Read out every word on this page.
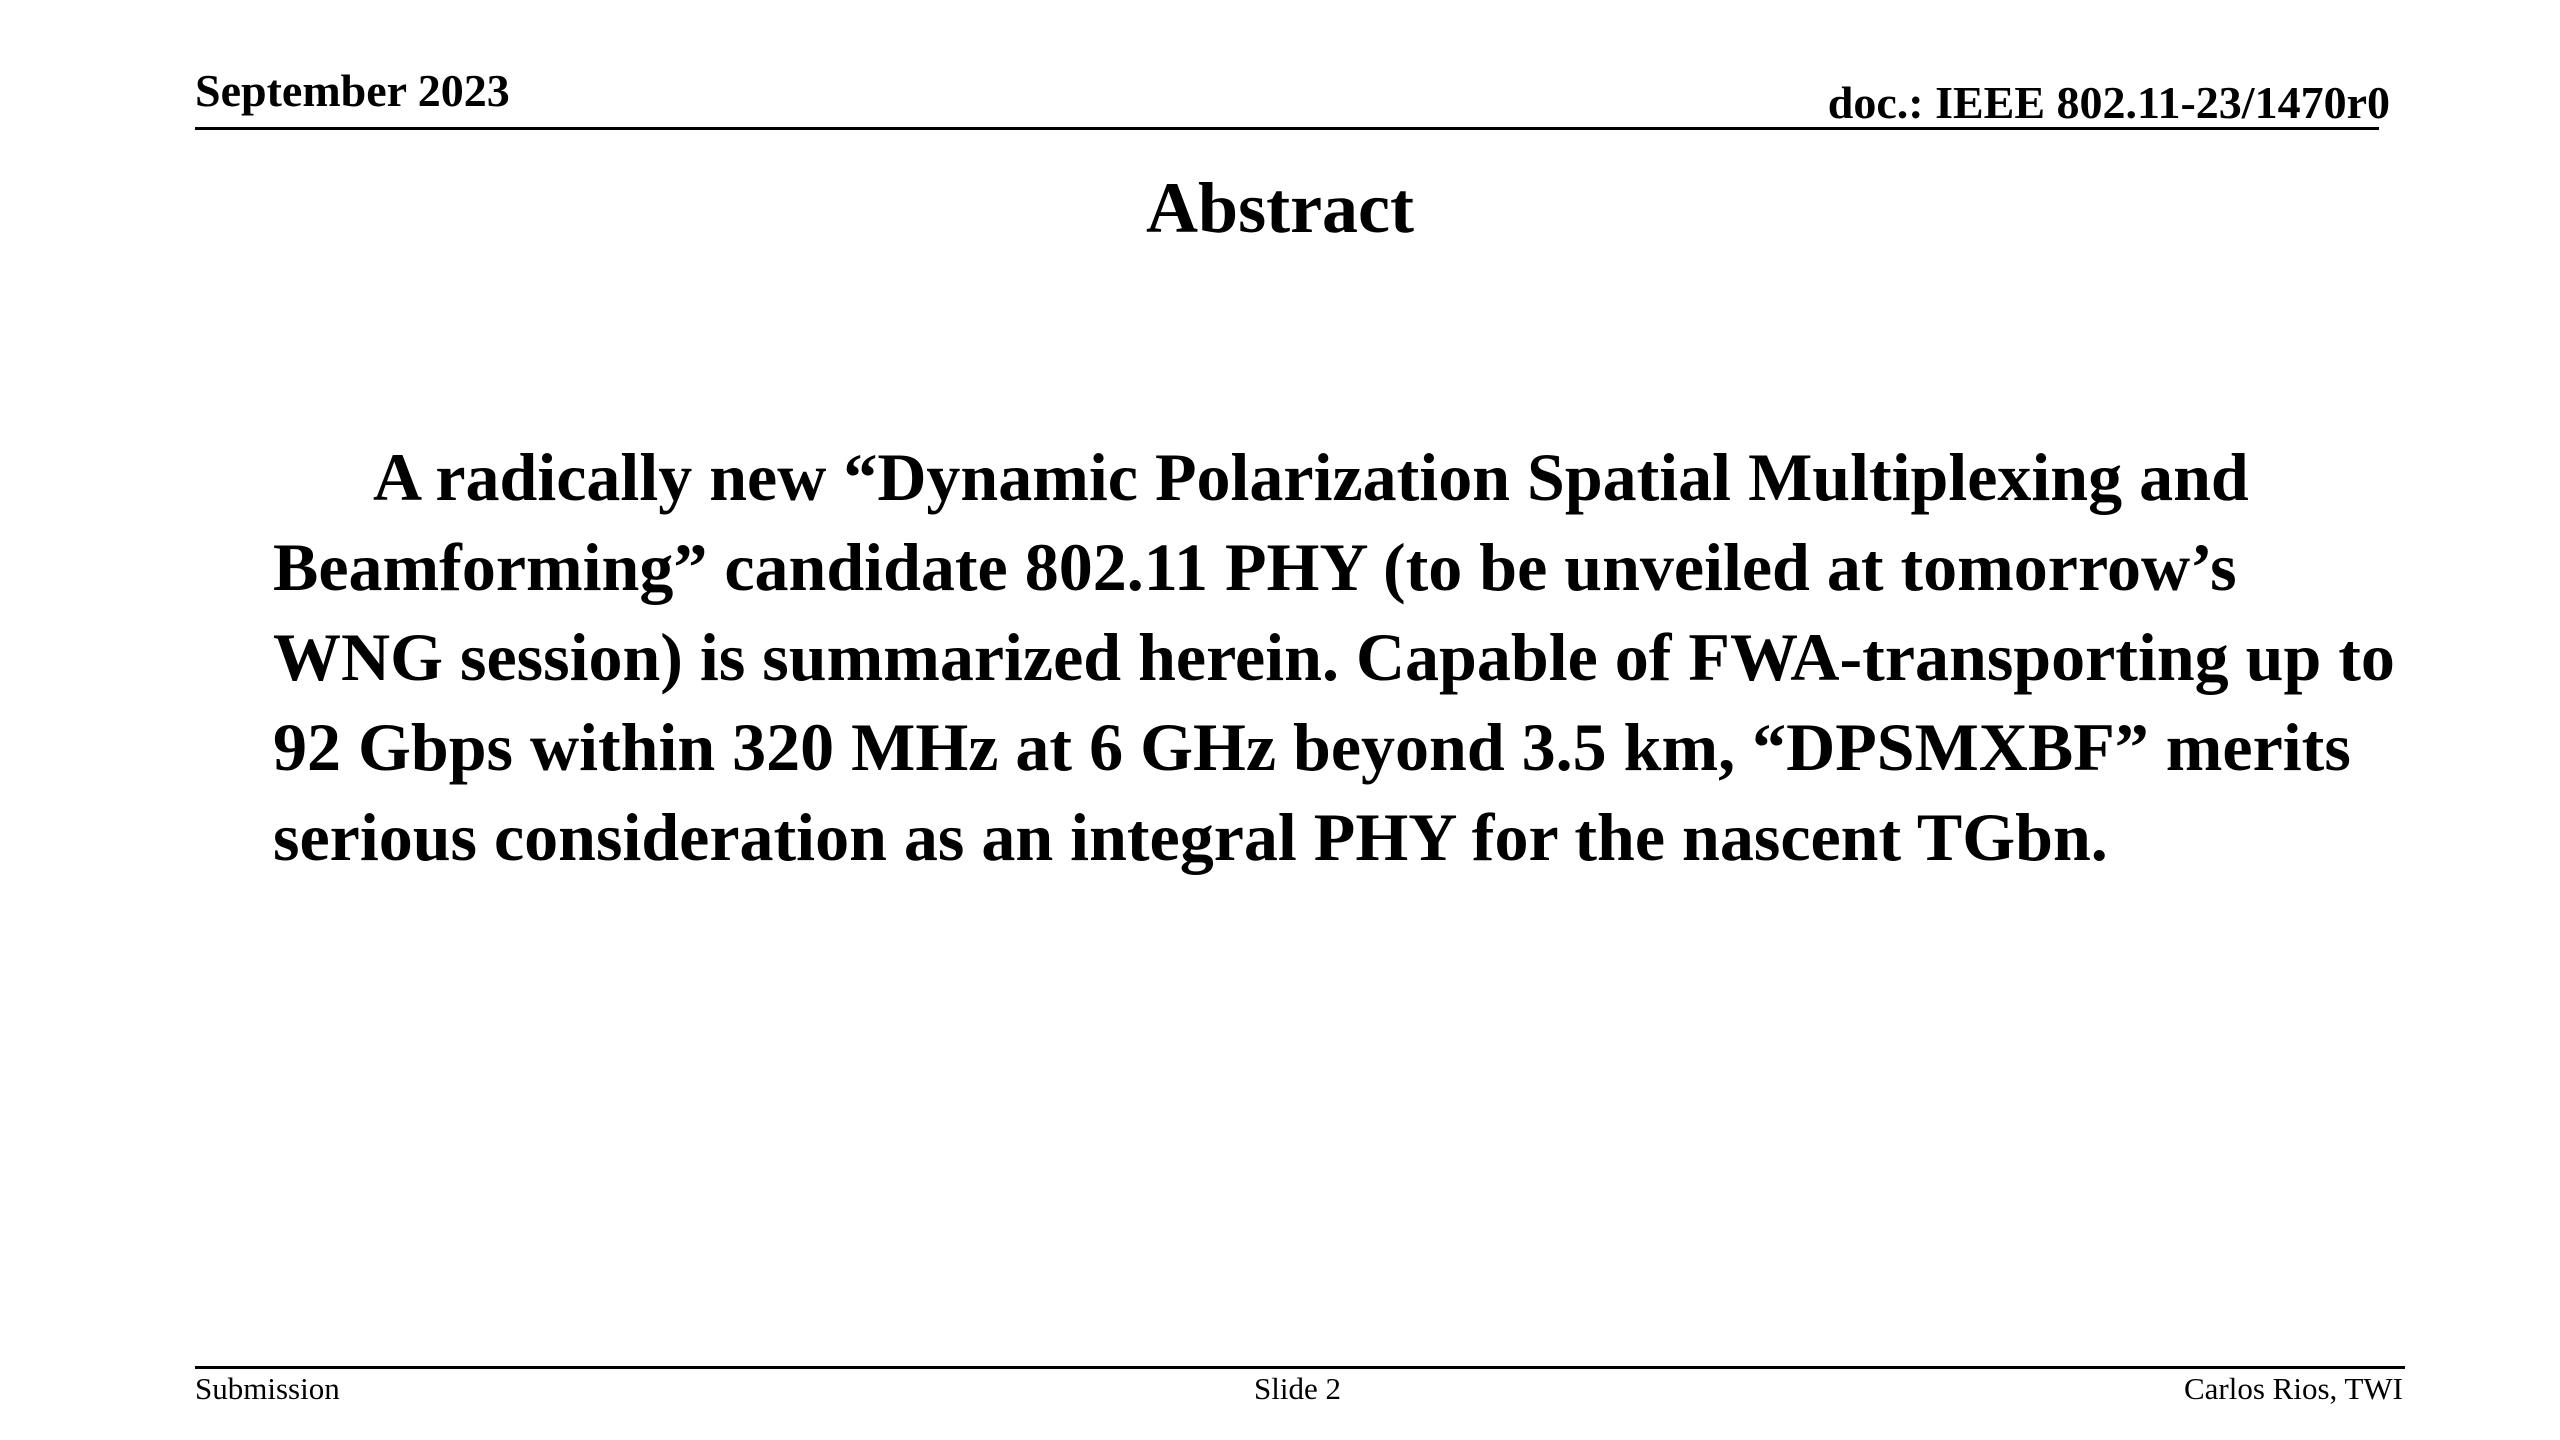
September 2023	doc.: IEEE 802.11-23/1470r0
Abstract

A radically new “Dynamic Polarization Spatial Multiplexing and Beamforming” candidate 802.11 PHY (to be unveiled at tomorrow’s WNG session) is summarized herein. Capable of FWA-transporting up to 92 Gbps within 320 MHz at 6 GHz beyond 3.5 km, “DPSMXBF” merits serious consideration as an integral PHY for the nascent TGbn.

Submission	Slide 2	Carlos Rios, TWI
